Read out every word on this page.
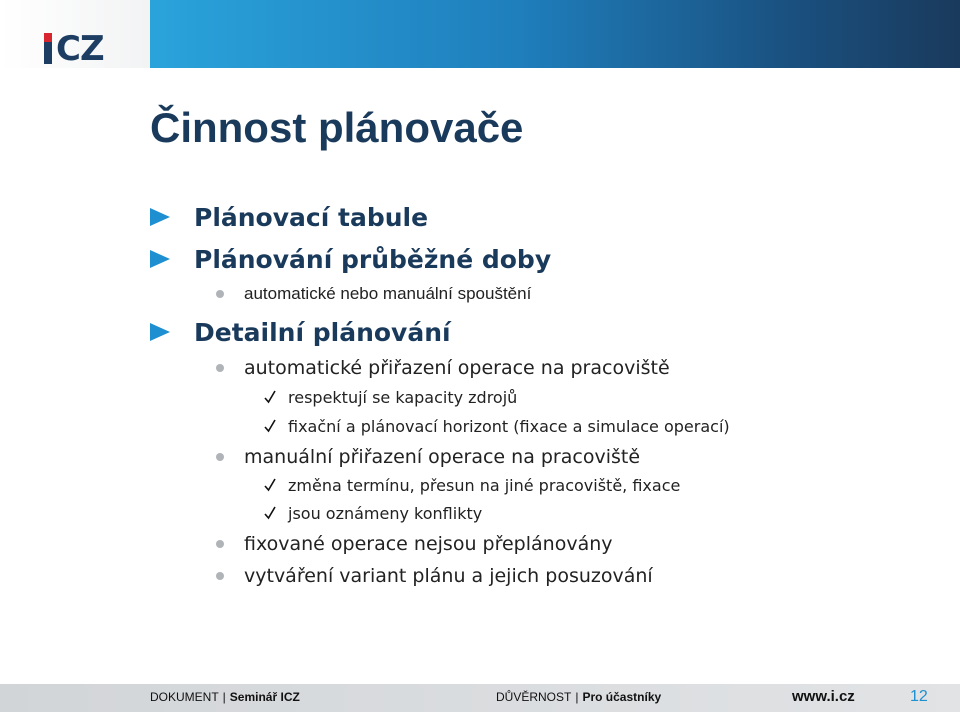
CZ
Činnost plánovače
Plánovací tabule
Plánování průběžné doby
automatické nebo manuální spouštění
Detailní plánování
automatické přiřazení operace na pracoviště
respektují se kapacity zdrojů
fixační a plánovací horizont (fixace a simulace operací)
manuální přiřazení operace na pracoviště
změna termínu, přesun na jiné pracoviště, fixace
jsou oznámeny konflikty
fixované operace nejsou přeplánovány
vytváření variant plánu a jejich posuzování
DOKUMENT | Seminář ICZ	DŮVĚRNOST | Pro účastníky	www.i.cz	12
